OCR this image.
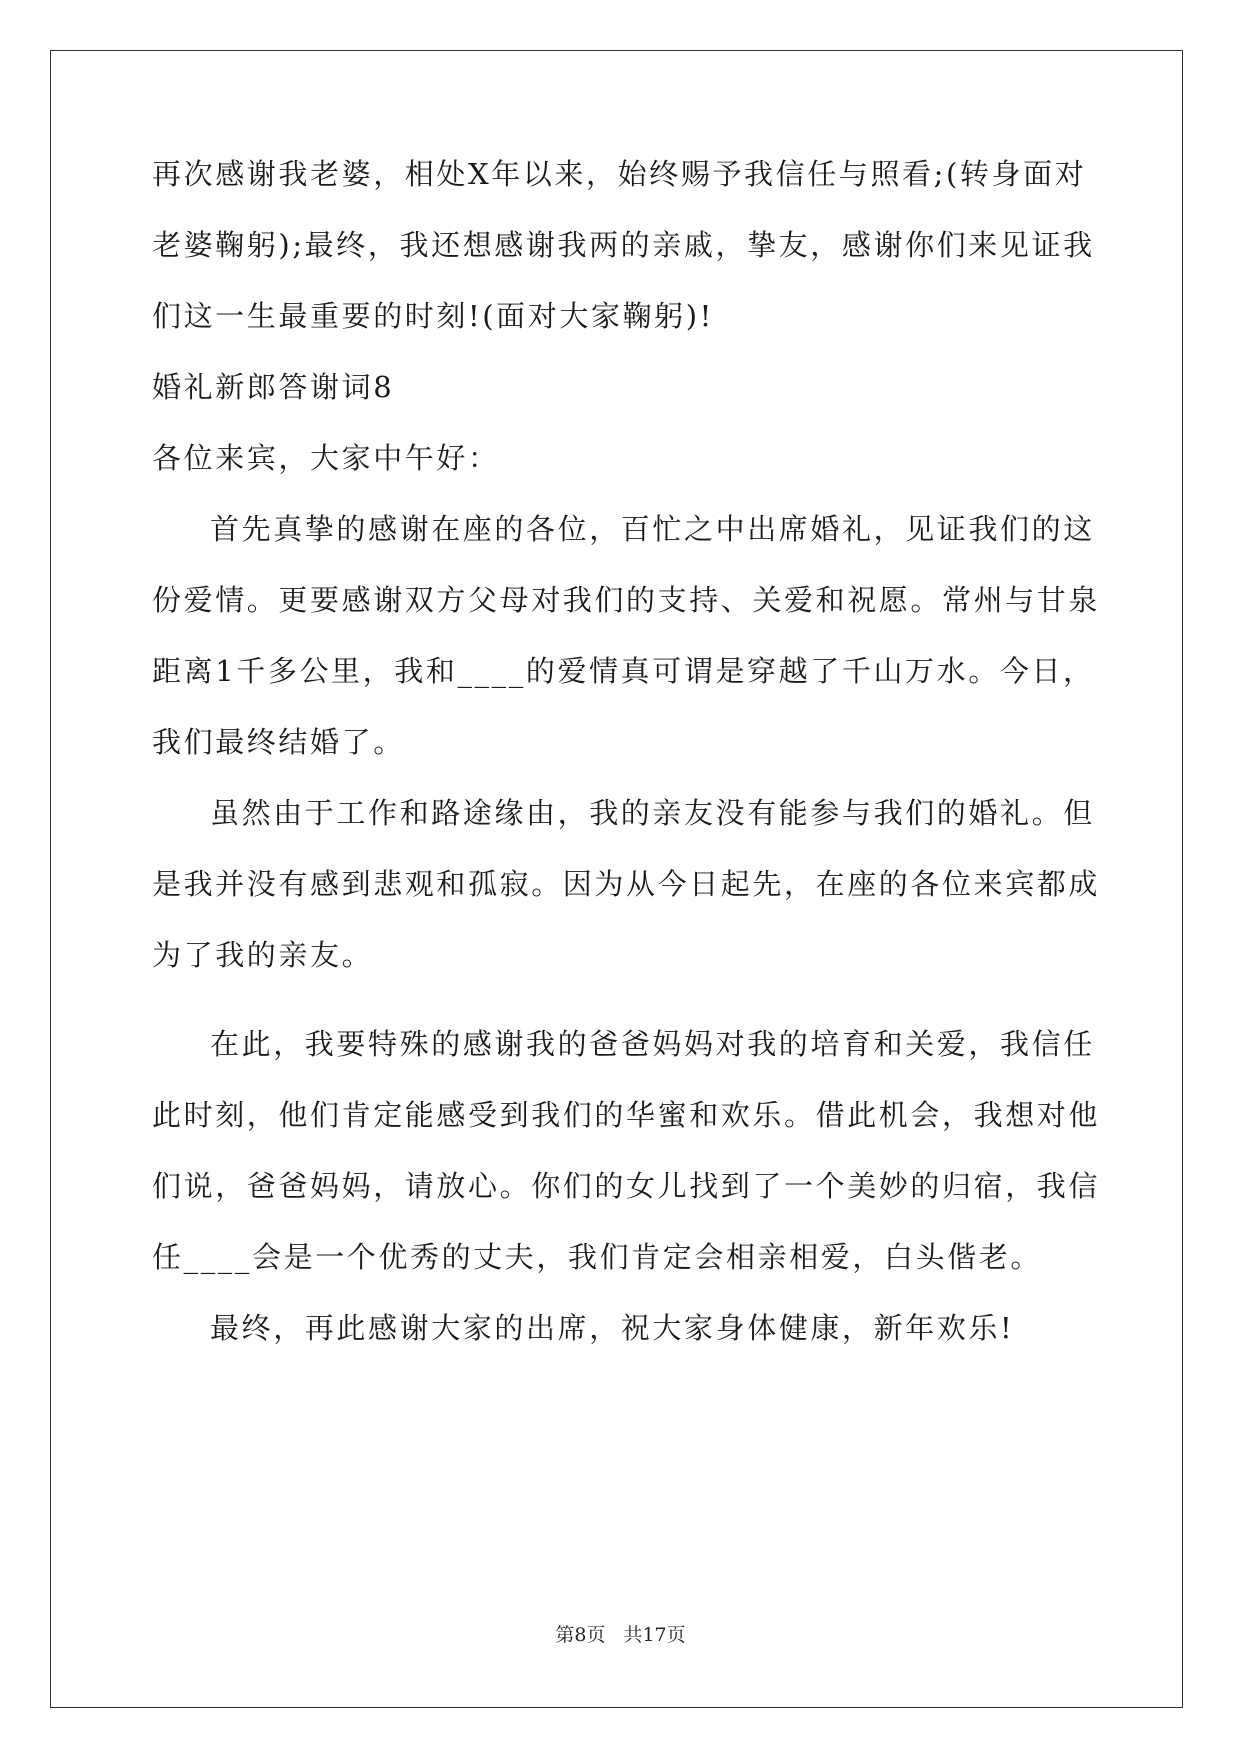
再次感谢我老婆，相处X年以来，始终赐予我信任与照看;(转身面对
老婆鞠躬);最终，我还想感谢我两的亲戚，挚友，感谢你们来见证我
们这一生最重要的时刻!(面对大家鞠躬)!
婚礼新郎答谢词8
各位来宾，大家中午好：
首先真挚的感谢在座的各位，百忙之中出席婚礼，见证我们的这
份爱情。更要感谢双方父母对我们的支持、关爱和祝愿。常州与甘泉
距离1千多公里，我和____的爱情真可谓是穿越了千山万水。今日，
我们最终结婚了。
虽然由于工作和路途缘由，我的亲友没有能参与我们的婚礼。但
是我并没有感到悲观和孤寂。因为从今日起先，在座的各位来宾都成
为了我的亲友。
在此，我要特殊的感谢我的爸爸妈妈对我的培育和关爱，我信任
此时刻，他们肯定能感受到我们的华蜜和欢乐。借此机会，我想对他
们说，爸爸妈妈，请放心。你们的女儿找到了一个美妙的归宿，我信
任____会是一个优秀的丈夫，我们肯定会相亲相爱，白头偕老。
最终，再此感谢大家的出席，祝大家身体健康，新年欢乐!
第8页 共17页
